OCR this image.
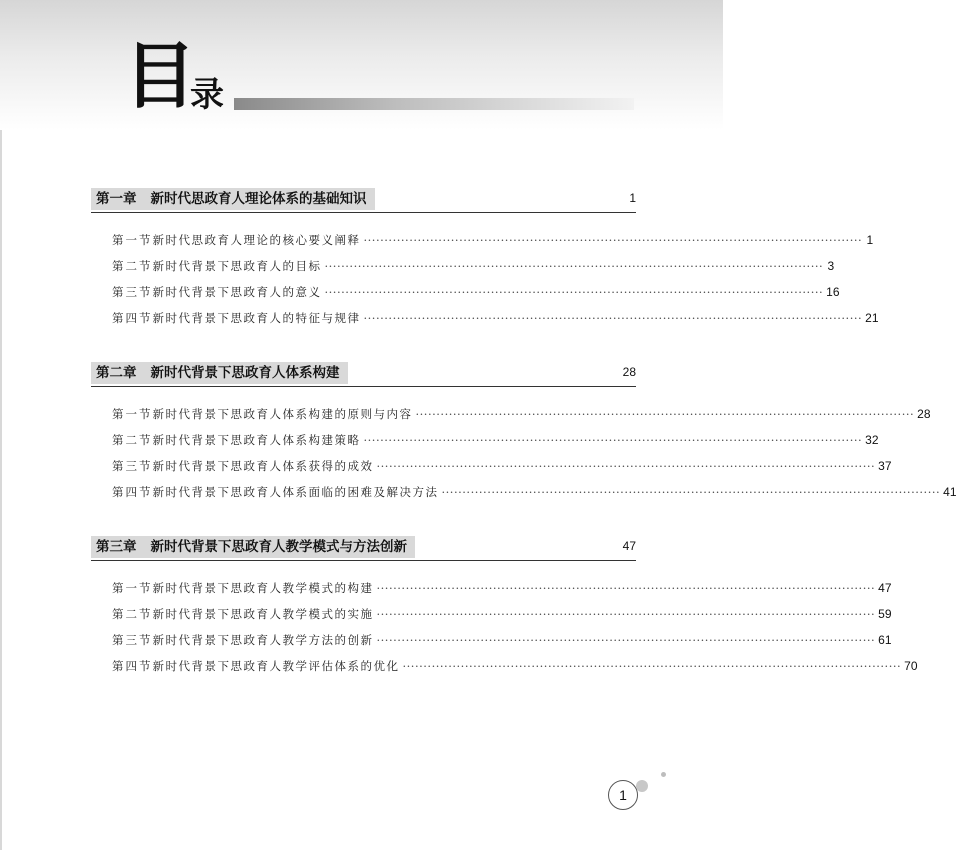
目
录
第一章 新时代思政育人理论体系的基础知识	1
第一节 新时代思政育人理论的核心要义阐释 ························································································································ 1
第二节 新时代背景下思政育人的目标 ························································································································ 3
第三节 新时代背景下思政育人的意义 ························································································································ 16
第四节 新时代背景下思政育人的特征与规律 ························································································································ 21
第二章 新时代背景下思政育人体系构建	28
第一节 新时代背景下思政育人体系构建的原则与内容 ························································································································ 28
第二节 新时代背景下思政育人体系构建策略 ························································································································ 32
第三节 新时代背景下思政育人体系获得的成效 ························································································································ 37
第四节 新时代背景下思政育人体系面临的困难及解决方法 ························································································································ 41
第三章 新时代背景下思政育人教学模式与方法创新	47
第一节 新时代背景下思政育人教学模式的构建 ························································································································ 47
第二节 新时代背景下思政育人教学模式的实施 ························································································································ 59
第三节 新时代背景下思政育人教学方法的创新 ························································································································ 61
第四节 新时代背景下思政育人教学评估体系的优化 ························································································································ 70
1
